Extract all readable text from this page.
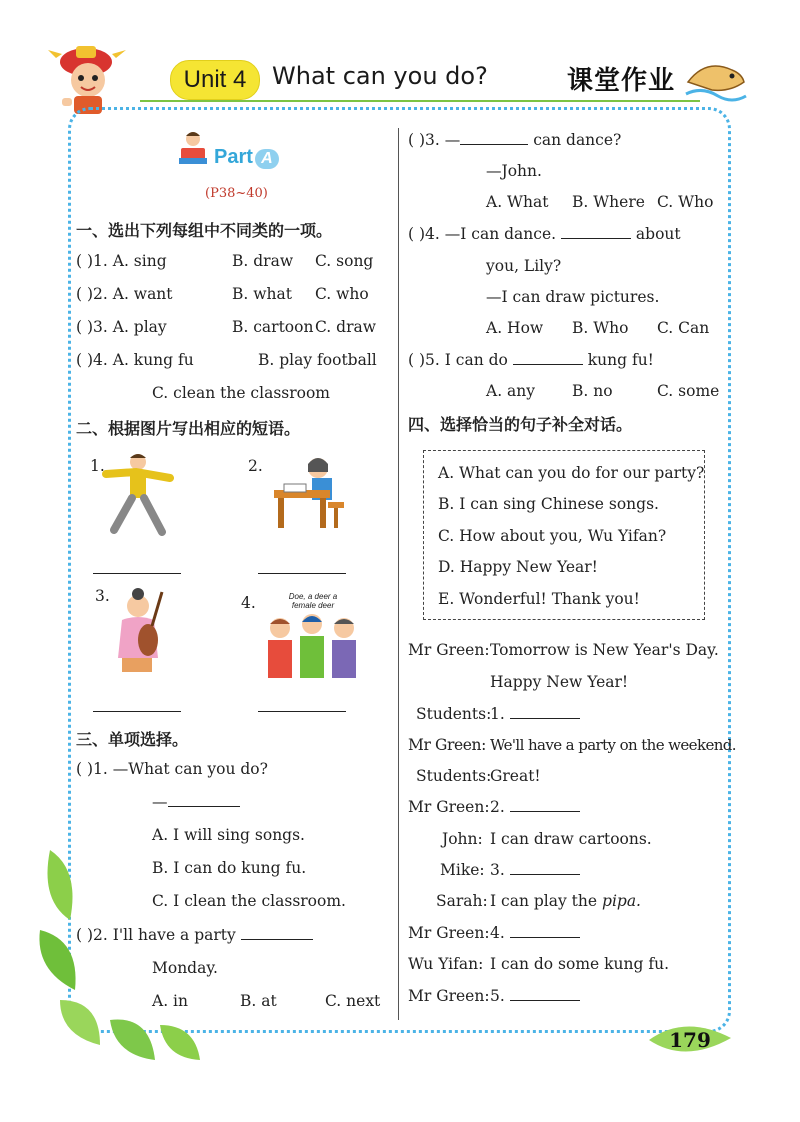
Unit 4	What can you do?	课堂作业
179
Part A
(P38~40)
一、选出下列每组中不同类的一项。
( )1. A. sing	B. draw C. song
( )2. A. want	B. what C. who
( )3. A. play	B. cartoon C. draw
( )4. A. kung fu	B. play football
C. clean the classroom
二、根据图片写出相应的短语。
1.	2.
3.	4.	Doe, a deer a female deer
三、单项选择。
( )1. —What can you do?
—
A. I will sing songs.
B. I can do kung fu.
C. I clean the classroom.
( )2. I'll have a party
Monday.
A. in	B. at	C. next
( )3. —	can dance?
—John.
A. What B. Where C. Who
( )4. —I can dance.	about
you, Lily?
—I can draw pictures.
A. How B. Who C. Can
( )5. I can do	kung fu!
A. any B. no	C. some
四、选择恰当的句子补全对话。
A. What can you do for our party?
B. I can sing Chinese songs.
C. How about you, Wu Yifan?
D. Happy New Year!
E. Wonderful! Thank you!
Mr Green: Tomorrow is New Year's Day.
Happy New Year!
Students:
1.
Mr Green: We'll have a party on the weekend.
Students:
Great!
Mr Green: 2.
John: I can draw cartoons.
Mike: 3.
Sarah: I can play the pipa.
Mr Green: 4.
Wu Yifan: I can do some kung fu.
Mr Green: 5.
